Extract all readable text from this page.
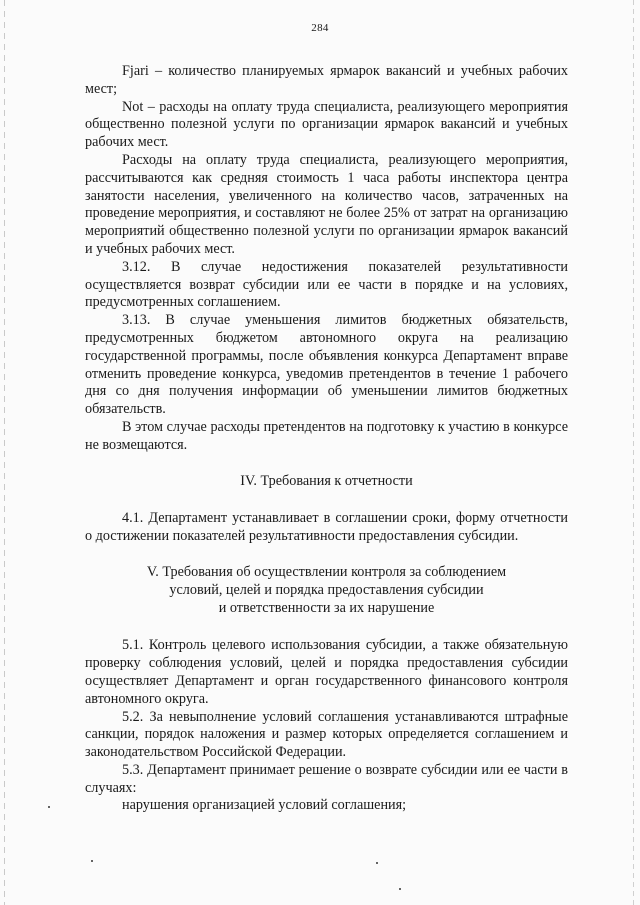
284

Fjari – количество планируемых ярмарок вакансий и учебных рабочих мест;

Not – расходы на оплату труда специалиста, реализующего мероприятия общественно полезной услуги по организации ярмарок вакансий и учебных рабочих мест.

Расходы на оплату труда специалиста, реализующего мероприятия, рассчитываются как средняя стоимость 1 часа работы инспектора центра занятости населения, увеличенного на количество часов, затраченных на проведение мероприятия, и составляют не более 25% от затрат на организацию мероприятий общественно полезной услуги по организации ярмарок вакансий и учебных рабочих мест.

3.12. В случае недостижения показателей результативности осуществляется возврат субсидии или ее части в порядке и на условиях, предусмотренных соглашением.

3.13. В случае уменьшения лимитов бюджетных обязательств, предусмотренных бюджетом автономного округа на реализацию государственной программы, после объявления конкурса Департамент вправе отменить проведение конкурса, уведомив претендентов в течение 1 рабочего дня со дня получения информации об уменьшении лимитов бюджетных обязательств.

В этом случае расходы претендентов на подготовку к участию в конкурсе не возмещаются.

IV. Требования к отчетности

4.1. Департамент устанавливает в соглашении сроки, форму отчетности о достижении показателей результативности предоставления субсидии.

V. Требования об осуществлении контроля за соблюдением

условий, целей и порядка предоставления субсидии

и ответственности за их нарушение

5.1. Контроль целевого использования субсидии, а также обязательную проверку соблюдения условий, целей и порядка предоставления субсидии осуществляет Департамент и орган государственного финансового контроля автономного округа.

5.2. За невыполнение условий соглашения устанавливаются штрафные санкции, порядок наложения и размер которых определяется соглашением и законодательством Российской Федерации.

5.3. Департамент принимает решение о возврате субсидии или ее части в случаях:

нарушения организацией условий соглашения;
